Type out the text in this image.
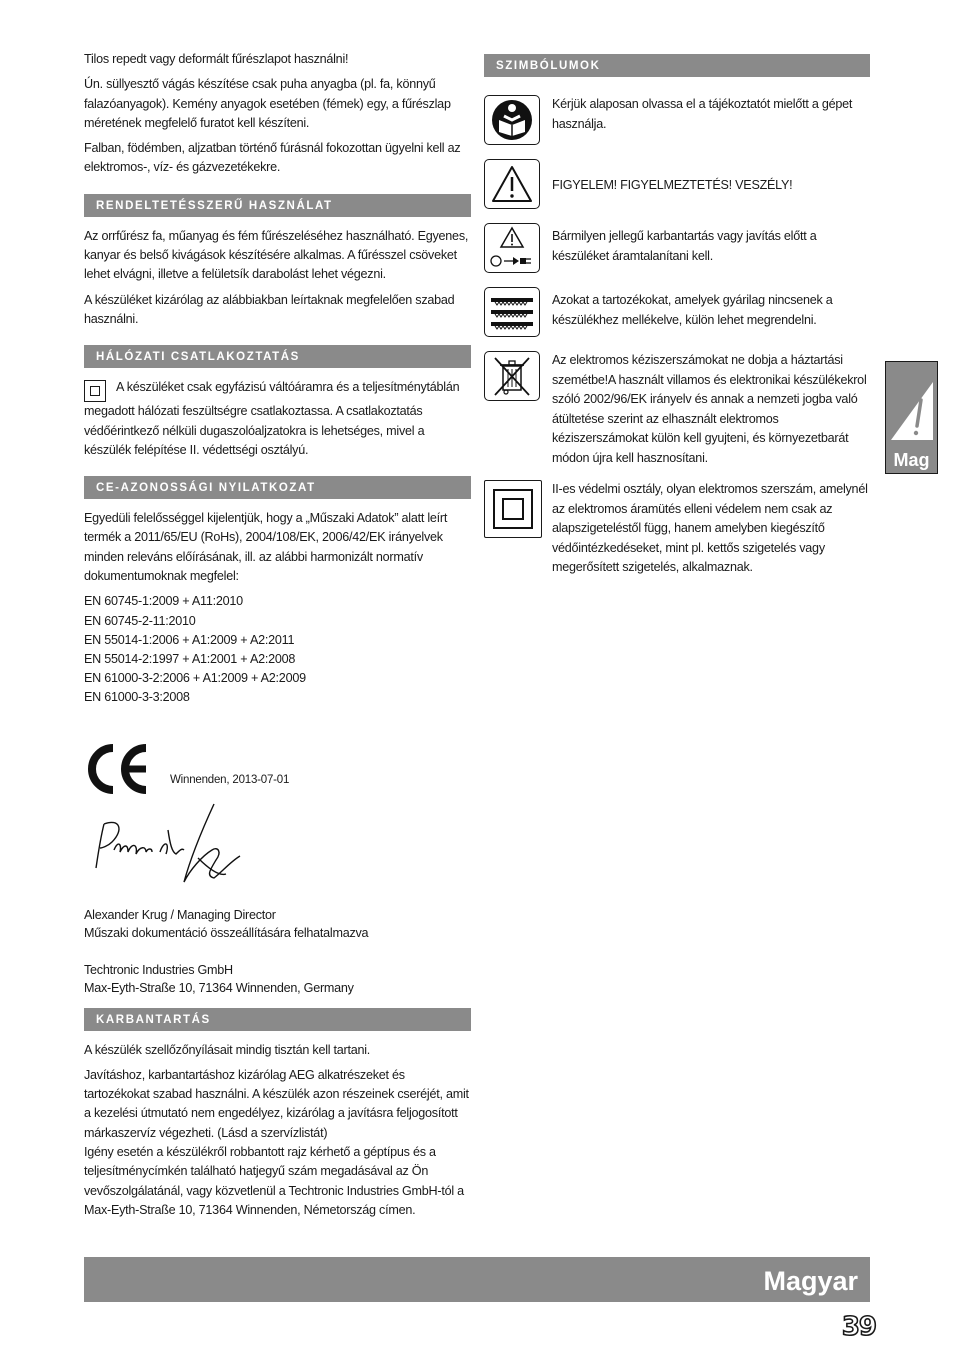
Tilos repedt vagy deformált fűrészlapot használni!

Ún. süllyesztő vágás készítése csak puha anyagba (pl. fa, könnyű falazóanyagok). Kemény anyagok esetében (fémek) egy, a fűrészlap méretének megfelelő furatot kell készíteni.

Falban, födémben, aljzatban történő fúrásnál fokozottan ügyelni kell az elektromos-, víz- és gázvezetékekre.

RENDELTETÉSSZERŰ HASZNÁLAT

Az orrfűrész fa, műanyag és fém fűrészeléséhez használható. Egyenes, kanyar és belső kivágások készítésére alkalmas. A fűrésszel csöveket lehet elvágni, illetve a felületsík darabolást lehet végezni.

A készüléket kizárólag az alábbiakban leírtaknak megfelelően szabad használni.

HÁLÓZATI CSATLAKOZTATÁS

A készüléket csak egyfázisú váltóáramra és a teljesítménytáblán megadott hálózati feszültségre csatlakoztassa. A csatlakoztatás védőérintkező nélküli dugaszolóaljzatokra is lehetséges, mivel a készülék felépítése II. védettségi osztályú.

CE-AZONOSSÁGI NYILATKOZAT

Egyedüli felelősséggel kijelentjük, hogy a „Műszaki Adatok” alatt leírt termék a 2011/65/EU (RoHs), 2004/108/EK, 2006/42/EK irányelvek minden releváns előírásának, ill. az alábbi harmonizált normatív dokumentumoknak megfelel:

EN 60745-1:2009 + A11:2010
EN 60745-2-11:2010
EN 55014-1:2006 + A1:2009 + A2:2011
EN 55014-2:1997 + A1:2001 + A2:2008
EN 61000-3-2:2006 + A1:2009 + A2:2009
EN 61000-3-3:2008
Winnenden, 2013-07-01
Alexander Krug / Managing Director
Műszaki dokumentáció összeállítására felhatalmazva
Techtronic Industries GmbH
Max-Eyth-Straße 10, 71364 Winnenden, Germany
KARBANTARTÁS

A készülék szellőzőnyílásait mindig tisztán kell tartani.

Javításhoz, karbantartáshoz kizárólag AEG alkatrészeket és tartozékokat szabad használni. A készülék azon részeinek cseréjét, amit a kezelési útmutató nem engedélyez, kizárólag a javításra feljogosított márkaszervíz végezheti. (Lásd a szervízlistát)
Igény esetén a készülékről robbantott rajz kérhető a géptípus és a teljesítménycímkén található hatjegyű szám megadásával az Ön vevőszolgálatánál, vagy közvetlenül a Techtronic Industries GmbH-tól a Max-Eyth-Straße 10, 71364 Winnenden, Németország címen.

SZIMBÓLUMOK
Kérjük alaposan olvassa el a tájékoztatót mielőtt a gépet használja.
FIGYELEM! FIGYELMEZTETÉS! VESZÉLY!
Bármilyen jellegű karbantartás vagy javítás előtt a készüléket áramtalanítani kell.
Azokat a tartozékokat, amelyek gyárilag nincsenek a készülékhez mellékelve, külön lehet megrendelni.
Az elektromos kéziszerszámokat ne dobja a háztartási szemétbe!A használt villamos és elektronikai készülékekrol szóló 2002/96/EK irányelv és annak a nemzeti jogba való átültetése szerint az elhasznált elektromos kéziszerszámokat külön kell gyujteni, és környezetbarát módon újra kell hasznosítani.
II-es védelmi osztály, olyan elektromos szerszám, amelynél az elektromos áramütés elleni védelem nem csak az alapszigeteléstől függ, hanem amelyben kiegészítő védőintézkedéseket, mint pl. kettős szigetelés vagy megerősített szigetelés, alkalmaznak.
Mag
Magyar
39
